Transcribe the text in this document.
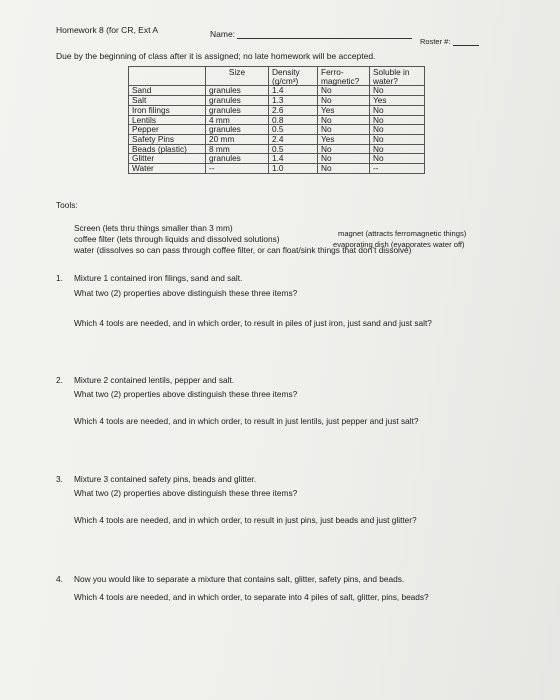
Homework 8 (for CR, Ext A	Name:
Roster #:
Due by the beginning of class after it is assigned; no late homework will be accepted.
	Size	Density (g/cm³)	Ferro-magnetic?	Soluble in water?
Sand	granules	1.4	No	No
Salt	granules	1.3	No	Yes
Iron filings	granules	2.6	Yes	No
Lentils	4 mm	0.8	No	No
Pepper	granules	0.5	No	No
Safety Pins	20 mm	2.4	Yes	No
Beads (plastic)	8 mm	0.5	No	No
Glitter	granules	1.4	No	No
Water	--	1.0	No	--
Tools:
Screen (lets thru things smaller than 3 mm)
magnet (attracts ferromagnetic things)
coffee filter (lets through liquids and dissolved solutions)
evaporating dish (evaporates water off)
water (dissolves so can pass through coffee filter, or can float/sink things that don’t dissolve)
1. Mixture 1 contained iron filings, sand and salt.
What two (2) properties above distinguish these three items?
Which 4 tools are needed, and in which order, to result in piles of just iron, just sand and just salt?
2. Mixture 2 contained lentils, pepper and salt.
What two (2) properties above distinguish these three items?
Which 4 tools are needed, and in which order, to result in just lentils, just pepper and just salt?
3. Mixture 3 contained safety pins, beads and glitter.
What two (2) properties above distinguish these three items?
Which 4 tools are needed, and in which order, to result in just pins, just beads and just glitter?
4. Now you would like to separate a mixture that contains salt, glitter, safety pins, and beads.
Which 4 tools are needed, and in which order, to separate into 4 piles of salt, glitter, pins, beads?
